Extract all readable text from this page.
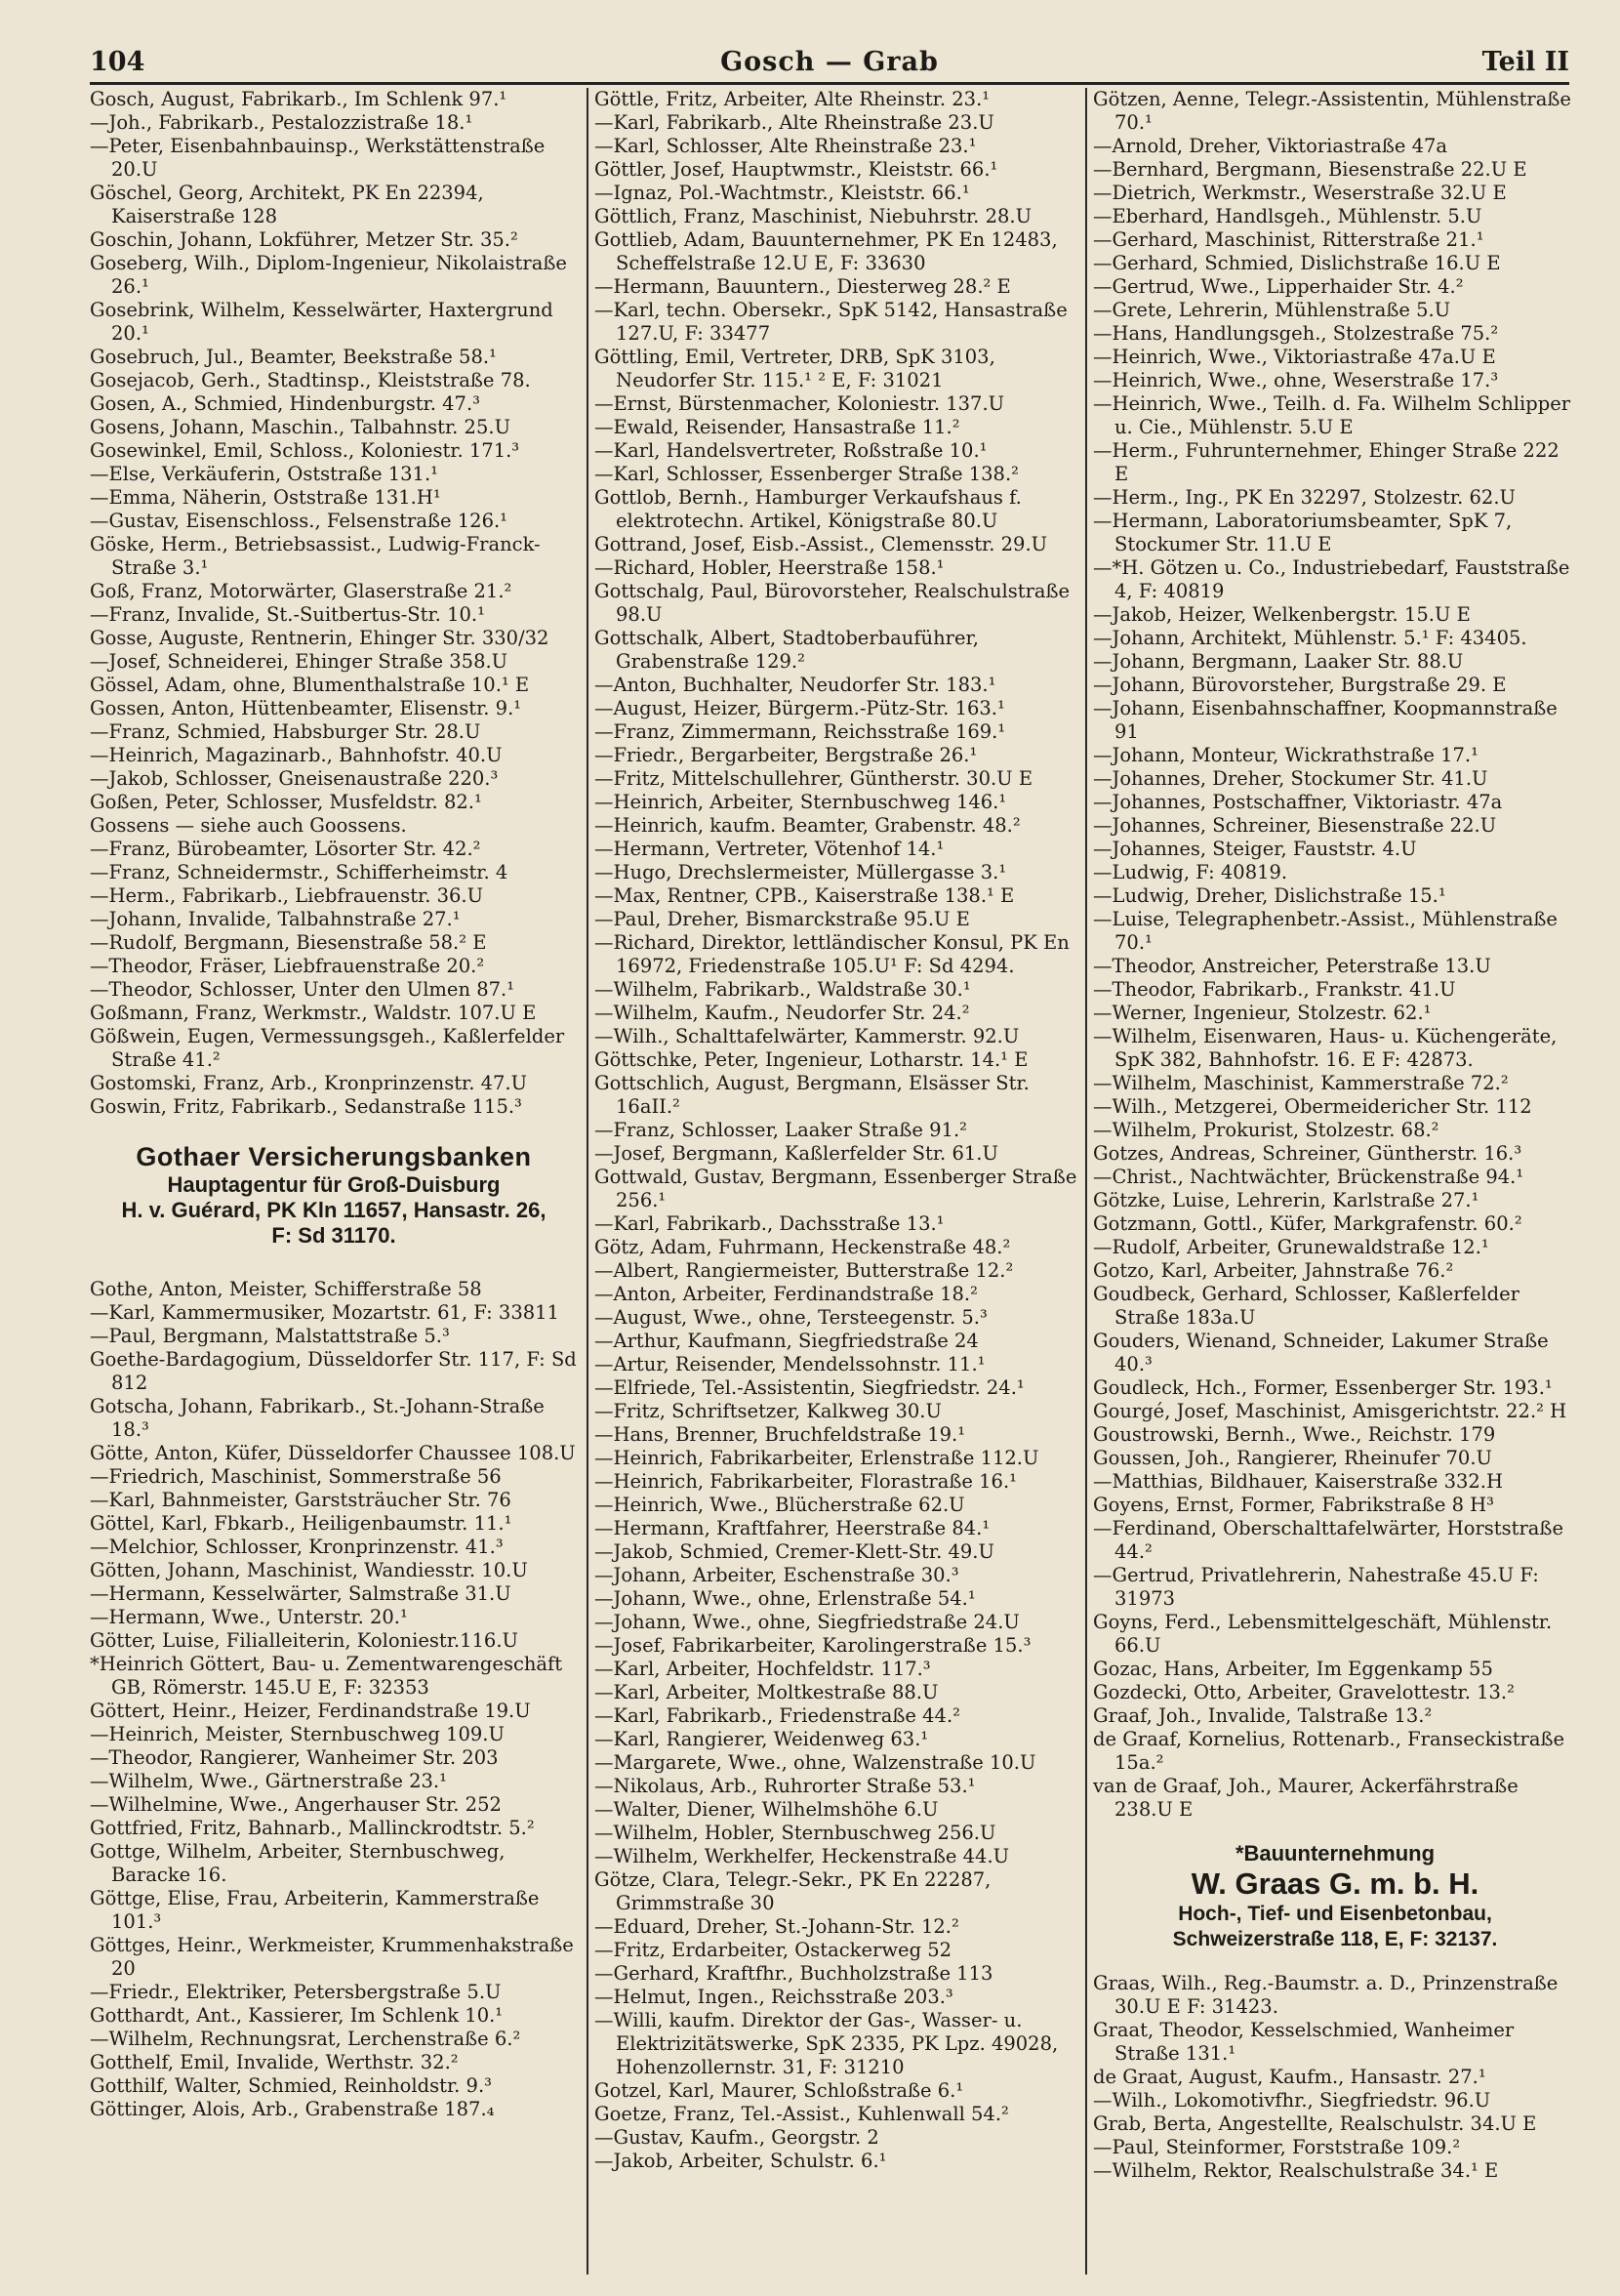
104	Gosch — Grab	Teil II

Gosch, August, Fabrikarb., Im Schlenk 97.¹

—Joh., Fabrikarb., Pestalozzistraße 18.¹

—Peter, Eisenbahnbauinsp., Werkstättenstraße 20.U

Göschel, Georg, Architekt, PK En 22394, Kaiserstraße 128

Goschin, Johann, Lokführer, Metzer Str. 35.²

Goseberg, Wilh., Diplom-Ingenieur, Nikolaistraße 26.¹

Gosebrink, Wilhelm, Kesselwärter, Haxtergrund 20.¹

Gosebruch, Jul., Beamter, Beekstraße 58.¹

Gosejacob, Gerh., Stadtinsp., Kleiststraße 78.

Gosen, A., Schmied, Hindenburgstr. 47.³

Gosens, Johann, Maschin., Talbahnstr. 25.U

Gosewinkel, Emil, Schloss., Koloniestr. 171.³

—Else, Verkäuferin, Oststraße 131.¹

—Emma, Näherin, Oststraße 131.H¹

—Gustav, Eisenschloss., Felsenstraße 126.¹

Göske, Herm., Betriebsassist., Ludwig-Franck-Straße 3.¹

Goß, Franz, Motorwärter, Glaserstraße 21.²

—Franz, Invalide, St.-Suitbertus-Str. 10.¹

Gosse, Auguste, Rentnerin, Ehinger Str. 330/32

—Josef, Schneiderei, Ehinger Straße 358.U

Gössel, Adam, ohne, Blumenthalstraße 10.¹ E

Gossen, Anton, Hüttenbeamter, Elisenstr. 9.¹

—Franz, Schmied, Habsburger Str. 28.U

—Heinrich, Magazinarb., Bahnhofstr. 40.U

—Jakob, Schlosser, Gneisenaustraße 220.³

Goßen, Peter, Schlosser, Musfeldstr. 82.¹

Gossens — siehe auch Goossens.

—Franz, Bürobeamter, Lösorter Str. 42.²

—Franz, Schneidermstr., Schifferheimstr. 4

—Herm., Fabrikarb., Liebfrauenstr. 36.U

—Johann, Invalide, Talbahnstraße 27.¹

—Rudolf, Bergmann, Biesenstraße 58.² E

—Theodor, Fräser, Liebfrauenstraße 20.²

—Theodor, Schlosser, Unter den Ulmen 87.¹

Goßmann, Franz, Werkmstr., Waldstr. 107.U E

Gößwein, Eugen, Vermessungsgeh., Kaßlerfelder Straße 41.²

Gostomski, Franz, Arb., Kronprinzenstr. 47.U

Goswin, Fritz, Fabrikarb., Sedanstraße 115.³

Gothaer Versicherungsbanken
Hauptagentur für Groß-Duisburg
H. v. Guérard, PK Kln 11657, Hansastr. 26,
F: Sd 31170.

Gothe, Anton, Meister, Schifferstraße 58

—Karl, Kammermusiker, Mozartstr. 61, F: 33811

—Paul, Bergmann, Malstattstraße 5.³

Goethe-Bardagogium, Düsseldorfer Str. 117, F: Sd 812

Gotscha, Johann, Fabrikarb., St.-Johann-Straße 18.³

Götte, Anton, Küfer, Düsseldorfer Chaussee 108.U

—Friedrich, Maschinist, Sommerstraße 56

—Karl, Bahnmeister, Garststräucher Str. 76

Göttel, Karl, Fbkarb., Heiligenbaumstr. 11.¹

—Melchior, Schlosser, Kronprinzenstr. 41.³

Götten, Johann, Maschinist, Wandiesstr. 10.U

—Hermann, Kesselwärter, Salmstraße 31.U

—Hermann, Wwe., Unterstr. 20.¹

Götter, Luise, Filialleiterin, Koloniestr.116.U

*Heinrich Göttert, Bau- u. Zementwarengeschäft GB, Römerstr. 145.U E, F: 32353

Göttert, Heinr., Heizer, Ferdinandstraße 19.U

—Heinrich, Meister, Sternbuschweg 109.U

—Theodor, Rangierer, Wanheimer Str. 203

—Wilhelm, Wwe., Gärtnerstraße 23.¹

—Wilhelmine, Wwe., Angerhauser Str. 252

Gottfried, Fritz, Bahnarb., Mallinckrodtstr. 5.²

Gottge, Wilhelm, Arbeiter, Sternbuschweg, Baracke 16.

Göttge, Elise, Frau, Arbeiterin, Kammerstraße 101.³

Göttges, Heinr., Werkmeister, Krummenhakstraße 20

—Friedr., Elektriker, Petersbergstraße 5.U

Gotthardt, Ant., Kassierer, Im Schlenk 10.¹

—Wilhelm, Rechnungsrat, Lerchenstraße 6.²

Gotthelf, Emil, Invalide, Werthstr. 32.²

Gotthilf, Walter, Schmied, Reinholdstr. 9.³

Göttinger, Alois, Arb., Grabenstraße 187.₄

Göttle, Fritz, Arbeiter, Alte Rheinstr. 23.¹

—Karl, Fabrikarb., Alte Rheinstraße 23.U

—Karl, Schlosser, Alte Rheinstraße 23.¹

Göttler, Josef, Hauptwmstr., Kleiststr. 66.¹

—Ignaz, Pol.-Wachtmstr., Kleiststr. 66.¹

Göttlich, Franz, Maschinist, Niebuhrstr. 28.U

Gottlieb, Adam, Bauunternehmer, PK En 12483, Scheffelstraße 12.U E, F: 33630

—Hermann, Bauuntern., Diesterweg 28.² E

—Karl, techn. Obersekr., SpK 5142, Hansastraße 127.U, F: 33477

Göttling, Emil, Vertreter, DRB, SpK 3103, Neudorfer Str. 115.¹ ² E, F: 31021

—Ernst, Bürstenmacher, Koloniestr. 137.U

—Ewald, Reisender, Hansastraße 11.²

—Karl, Handelsvertreter, Roßstraße 10.¹

—Karl, Schlosser, Essenberger Straße 138.²

Gottlob, Bernh., Hamburger Verkaufshaus f. elektrotechn. Artikel, Königstraße 80.U

Gottrand, Josef, Eisb.-Assist., Clemensstr. 29.U

—Richard, Hobler, Heerstraße 158.¹

Gottschalg, Paul, Bürovorsteher, Realschulstraße 98.U

Gottschalk, Albert, Stadtoberbauführer, Grabenstraße 129.²

—Anton, Buchhalter, Neudorfer Str. 183.¹

—August, Heizer, Bürgerm.-Pütz-Str. 163.¹

—Franz, Zimmermann, Reichsstraße 169.¹

—Friedr., Bergarbeiter, Bergstraße 26.¹

—Fritz, Mittelschullehrer, Güntherstr. 30.U E

—Heinrich, Arbeiter, Sternbuschweg 146.¹

—Heinrich, kaufm. Beamter, Grabenstr. 48.²

—Hermann, Vertreter, Vötenhof 14.¹

—Hugo, Drechslermeister, Müllergasse 3.¹

—Max, Rentner, CPB., Kaiserstraße 138.¹ E

—Paul, Dreher, Bismarckstraße 95.U E

—Richard, Direktor, lettländischer Konsul, PK En 16972, Friedenstraße 105.U¹ F: Sd 4294.

—Wilhelm, Fabrikarb., Waldstraße 30.¹

—Wilhelm, Kaufm., Neudorfer Str. 24.²

—Wilh., Schalttafelwärter, Kammerstr. 92.U

Göttschke, Peter, Ingenieur, Lotharstr. 14.¹ E

Gottschlich, August, Bergmann, Elsässer Str. 16aII.²

—Franz, Schlosser, Laaker Straße 91.²

—Josef, Bergmann, Kaßlerfelder Str. 61.U

Gottwald, Gustav, Bergmann, Essenberger Straße 256.¹

—Karl, Fabrikarb., Dachsstraße 13.¹

Götz, Adam, Fuhrmann, Heckenstraße 48.²

—Albert, Rangiermeister, Butterstraße 12.²

—Anton, Arbeiter, Ferdinandstraße 18.²

—August, Wwe., ohne, Tersteegenstr. 5.³

—Arthur, Kaufmann, Siegfriedstraße 24

—Artur, Reisender, Mendelssohnstr. 11.¹

—Elfriede, Tel.-Assistentin, Siegfriedstr. 24.¹

—Fritz, Schriftsetzer, Kalkweg 30.U

—Hans, Brenner, Bruchfeldstraße 19.¹

—Heinrich, Fabrikarbeiter, Erlenstraße 112.U

—Heinrich, Fabrikarbeiter, Florastraße 16.¹

—Heinrich, Wwe., Blücherstraße 62.U

—Hermann, Kraftfahrer, Heerstraße 84.¹

—Jakob, Schmied, Cremer-Klett-Str. 49.U

—Johann, Arbeiter, Eschenstraße 30.³

—Johann, Wwe., ohne, Erlenstraße 54.¹

—Johann, Wwe., ohne, Siegfriedstraße 24.U

—Josef, Fabrikarbeiter, Karolingerstraße 15.³

—Karl, Arbeiter, Hochfeldstr. 117.³

—Karl, Arbeiter, Moltkestraße 88.U

—Karl, Fabrikarb., Friedenstraße 44.²

—Karl, Rangierer, Weidenweg 63.¹

—Margarete, Wwe., ohne, Walzenstraße 10.U

—Nikolaus, Arb., Ruhrorter Straße 53.¹

—Walter, Diener, Wilhelmshöhe 6.U

—Wilhelm, Hobler, Sternbuschweg 256.U

—Wilhelm, Werkhelfer, Heckenstraße 44.U

Götze, Clara, Telegr.-Sekr., PK En 22287, Grimmstraße 30

—Eduard, Dreher, St.-Johann-Str. 12.²

—Fritz, Erdarbeiter, Ostackerweg 52

—Gerhard, Kraftfhr., Buchholzstraße 113

—Helmut, Ingen., Reichsstraße 203.³

—Willi, kaufm. Direktor der Gas-, Wasser- u. Elektrizitätswerke, SpK 2335, PK Lpz. 49028, Hohenzollernstr. 31, F: 31210

Gotzel, Karl, Maurer, Schloßstraße 6.¹

Goetze, Franz, Tel.-Assist., Kuhlenwall 54.²

—Gustav, Kaufm., Georgstr. 2

—Jakob, Arbeiter, Schulstr. 6.¹

Götzen, Aenne, Telegr.-Assistentin, Mühlenstraße 70.¹

—Arnold, Dreher, Viktoriastraße 47a

—Bernhard, Bergmann, Biesenstraße 22.U E

—Dietrich, Werkmstr., Weserstraße 32.U E

—Eberhard, Handlsgeh., Mühlenstr. 5.U

—Gerhard, Maschinist, Ritterstraße 21.¹

—Gerhard, Schmied, Dislichstraße 16.U E

—Gertrud, Wwe., Lipperhaider Str. 4.²

—Grete, Lehrerin, Mühlenstraße 5.U

—Hans, Handlungsgeh., Stolzestraße 75.²

—Heinrich, Wwe., Viktoriastraße 47a.U E

—Heinrich, Wwe., ohne, Weserstraße 17.³

—Heinrich, Wwe., Teilh. d. Fa. Wilhelm Schlipper u. Cie., Mühlenstr. 5.U E

—Herm., Fuhrunternehmer, Ehinger Straße 222 E

—Herm., Ing., PK En 32297, Stolzestr. 62.U

—Hermann, Laboratoriumsbeamter, SpK 7, Stockumer Str. 11.U E

—*H. Götzen u. Co., Industriebedarf, Fauststraße 4, F: 40819

—Jakob, Heizer, Welkenbergstr. 15.U E

—Johann, Architekt, Mühlenstr. 5.¹ F: 43405.

—Johann, Bergmann, Laaker Str. 88.U

—Johann, Bürovorsteher, Burgstraße 29. E

—Johann, Eisenbahnschaffner, Koopmannstraße 91

—Johann, Monteur, Wickrathstraße 17.¹

—Johannes, Dreher, Stockumer Str. 41.U

—Johannes, Postschaffner, Viktoriastr. 47a

—Johannes, Schreiner, Biesenstraße 22.U

—Johannes, Steiger, Fauststr. 4.U

—Ludwig, F: 40819.

—Ludwig, Dreher, Dislichstraße 15.¹

—Luise, Telegraphenbetr.-Assist., Mühlenstraße 70.¹

—Theodor, Anstreicher, Peterstraße 13.U

—Theodor, Fabrikarb., Frankstr. 41.U

—Werner, Ingenieur, Stolzestr. 62.¹

—Wilhelm, Eisenwaren, Haus- u. Küchengeräte, SpK 382, Bahnhofstr. 16. E F: 42873.

—Wilhelm, Maschinist, Kammerstraße 72.²

—Wilh., Metzgerei, Obermeidericher Str. 112

—Wilhelm, Prokurist, Stolzestr. 68.²

Gotzes, Andreas, Schreiner, Güntherstr. 16.³

—Christ., Nachtwächter, Brückenstraße 94.¹

Götzke, Luise, Lehrerin, Karlstraße 27.¹

Gotzmann, Gottl., Küfer, Markgrafenstr. 60.²

—Rudolf, Arbeiter, Grunewaldstraße 12.¹

Gotzo, Karl, Arbeiter, Jahnstraße 76.²

Goudbeck, Gerhard, Schlosser, Kaßlerfelder Straße 183a.U

Gouders, Wienand, Schneider, Lakumer Straße 40.³

Goudleck, Hch., Former, Essenberger Str. 193.¹

Gourgé, Josef, Maschinist, Amisgerichtstr. 22.² H

Goustrowski, Bernh., Wwe., Reichstr. 179

Goussen, Joh., Rangierer, Rheinufer 70.U

—Matthias, Bildhauer, Kaiserstraße 332.H

Goyens, Ernst, Former, Fabrikstraße 8 H³

—Ferdinand, Oberschalttafelwärter, Horststraße 44.²

—Gertrud, Privatlehrerin, Nahestraße 45.U F: 31973

Goyns, Ferd., Lebensmittelgeschäft, Mühlenstr. 66.U

Gozac, Hans, Arbeiter, Im Eggenkamp 55

Gozdecki, Otto, Arbeiter, Gravelottestr. 13.²

Graaf, Joh., Invalide, Talstraße 13.²

de Graaf, Kornelius, Rottenarb., Franseckistraße 15a.²

van de Graaf, Joh., Maurer, Ackerfährstraße 238.U E

*Bauunternehmung
W. Graas G. m. b. H.
Hoch-, Tief- und Eisenbetonbau,
Schweizerstraße 118, E, F: 32137.

Graas, Wilh., Reg.-Baumstr. a. D., Prinzenstraße 30.U E F: 31423.

Graat, Theodor, Kesselschmied, Wanheimer Straße 131.¹

de Graat, August, Kaufm., Hansastr. 27.¹

—Wilh., Lokomotivfhr., Siegfriedstr. 96.U

Grab, Berta, Angestellte, Realschulstr. 34.U E

—Paul, Steinformer, Forststraße 109.²

—Wilhelm, Rektor, Realschulstraße 34.¹ E
